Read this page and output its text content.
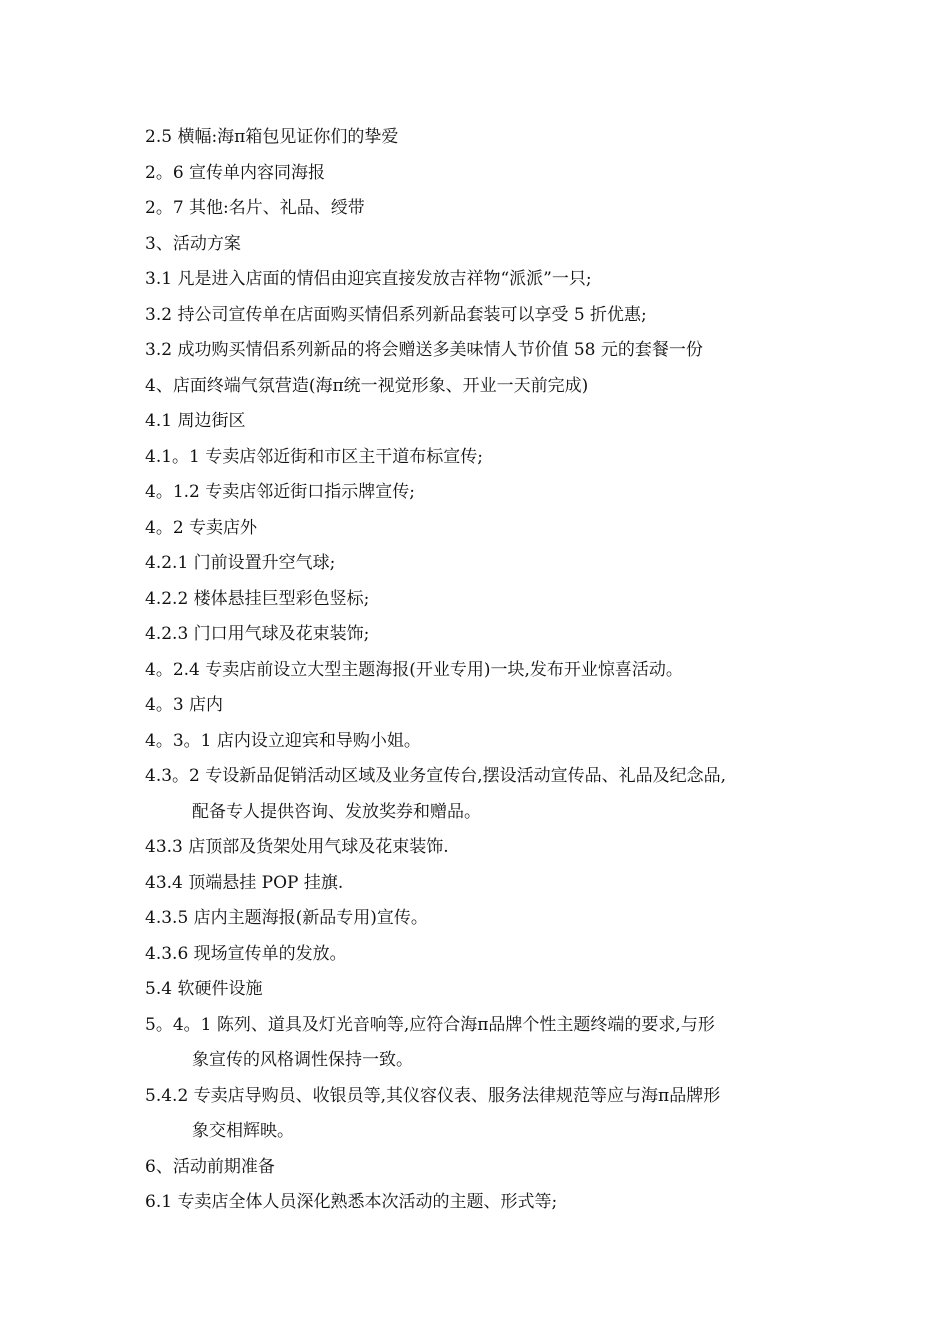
2.5 横幅:海π箱包见证你们的挚爱
2。6 宣传单内容同海报
2。7 其他:名片、礼品、绶带
3、活动方案
3.1 凡是进入店面的情侣由迎宾直接发放吉祥物“派派”一只;
3.2 持公司宣传单在店面购买情侣系列新品套装可以享受 5 折优惠;
3.2 成功购买情侣系列新品的将会赠送多美味情人节价值 58 元的套餐一份
4、店面终端气氛营造(海π统一视觉形象、开业一天前完成)
4.1 周边街区
4.1。1 专卖店邻近街和市区主干道布标宣传;
4。1.2 专卖店邻近街口指示牌宣传;
4。2 专卖店外
4.2.1 门前设置升空气球;
4.2.2 楼体悬挂巨型彩色竖标;
4.2.3 门口用气球及花束装饰;
4。2.4 专卖店前设立大型主题海报(开业专用)一块,发布开业惊喜活动。
4。3 店内
4。3。1 店内设立迎宾和导购小姐。
4.3。2 专设新品促销活动区域及业务宣传台,摆设活动宣传品、礼品及纪念品,
配备专人提供咨询、发放奖券和赠品。
43.3 店顶部及货架处用气球及花束装饰.
43.4 顶端悬挂 POP 挂旗.
4.3.5 店内主题海报(新品专用)宣传。
4.3.6 现场宣传单的发放。
5.4 软硬件设施
5。4。1 陈列、道具及灯光音响等,应符合海π品牌个性主题终端的要求,与形
象宣传的风格调性保持一致。
5.4.2 专卖店导购员、收银员等,其仪容仪表、服务法律规范等应与海π品牌形
象交相辉映。
6、活动前期准备
6.1 专卖店全体人员深化熟悉本次活动的主题、形式等;
